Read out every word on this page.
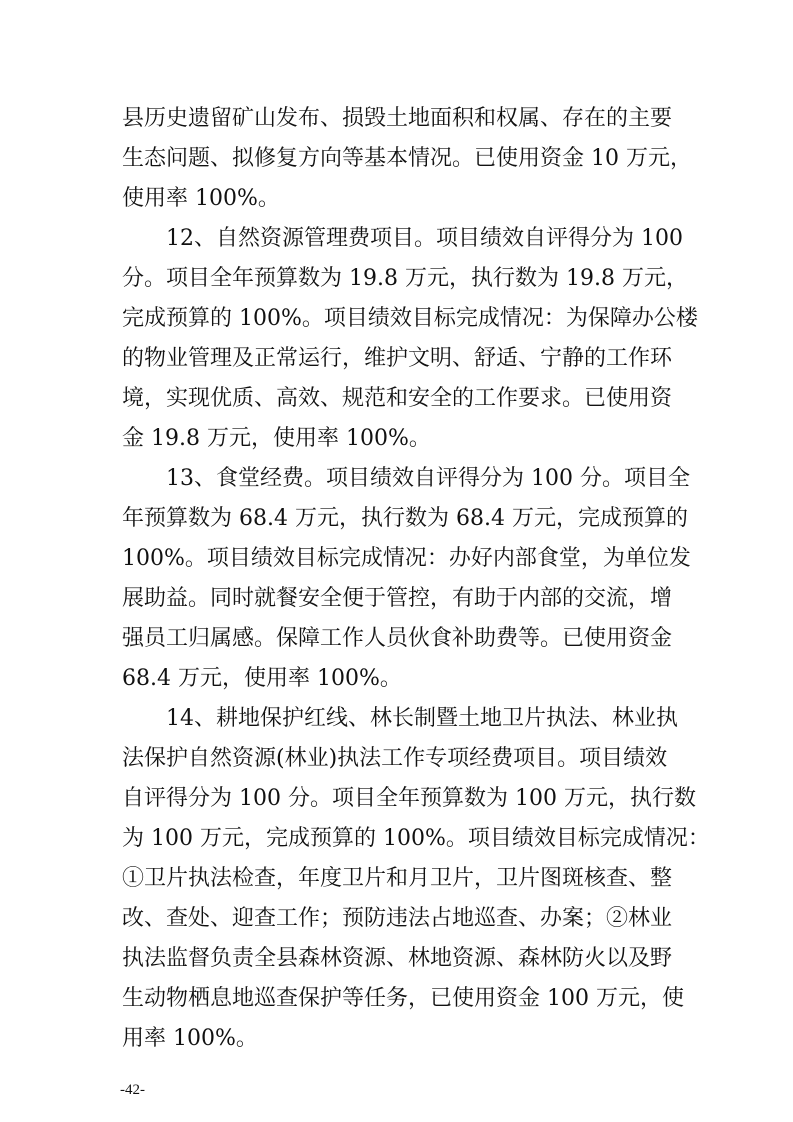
县历史遗留矿山发布、损毁土地面积和权属、存在的主要
生态问题、拟修复方向等基本情况。已使用资金 10 万元，
使用率 100%。
12、自然资源管理费项目。项目绩效自评得分为 100
分。项目全年预算数为 19.8 万元，执行数为 19.8 万元，
完成预算的 100%。项目绩效目标完成情况：为保障办公楼
的物业管理及正常运行，维护文明、舒适、宁静的工作环
境，实现优质、高效、规范和安全的工作要求。已使用资
金 19.8 万元，使用率 100%。
13、食堂经费。项目绩效自评得分为 100 分。项目全
年预算数为 68.4 万元，执行数为 68.4 万元，完成预算的
100%。项目绩效目标完成情况：办好内部食堂，为单位发
展助益。同时就餐安全便于管控，有助于内部的交流，增
强员工归属感。保障工作人员伙食补助费等。已使用资金
68.4 万元，使用率 100%。
14、耕地保护红线、林长制暨土地卫片执法、林业执
法保护自然资源(林业)执法工作专项经费项目。项目绩效
自评得分为 100 分。项目全年预算数为 100 万元，执行数
为 100 万元，完成预算的 100%。项目绩效目标完成情况：
①卫片执法检查，年度卫片和月卫片，卫片图斑核查、整
改、查处、迎查工作；预防违法占地巡查、办案；②林业
执法监督负责全县森林资源、林地资源、森林防火以及野
生动物栖息地巡查保护等任务，已使用资金 100 万元，使
用率 100%。
-42-
